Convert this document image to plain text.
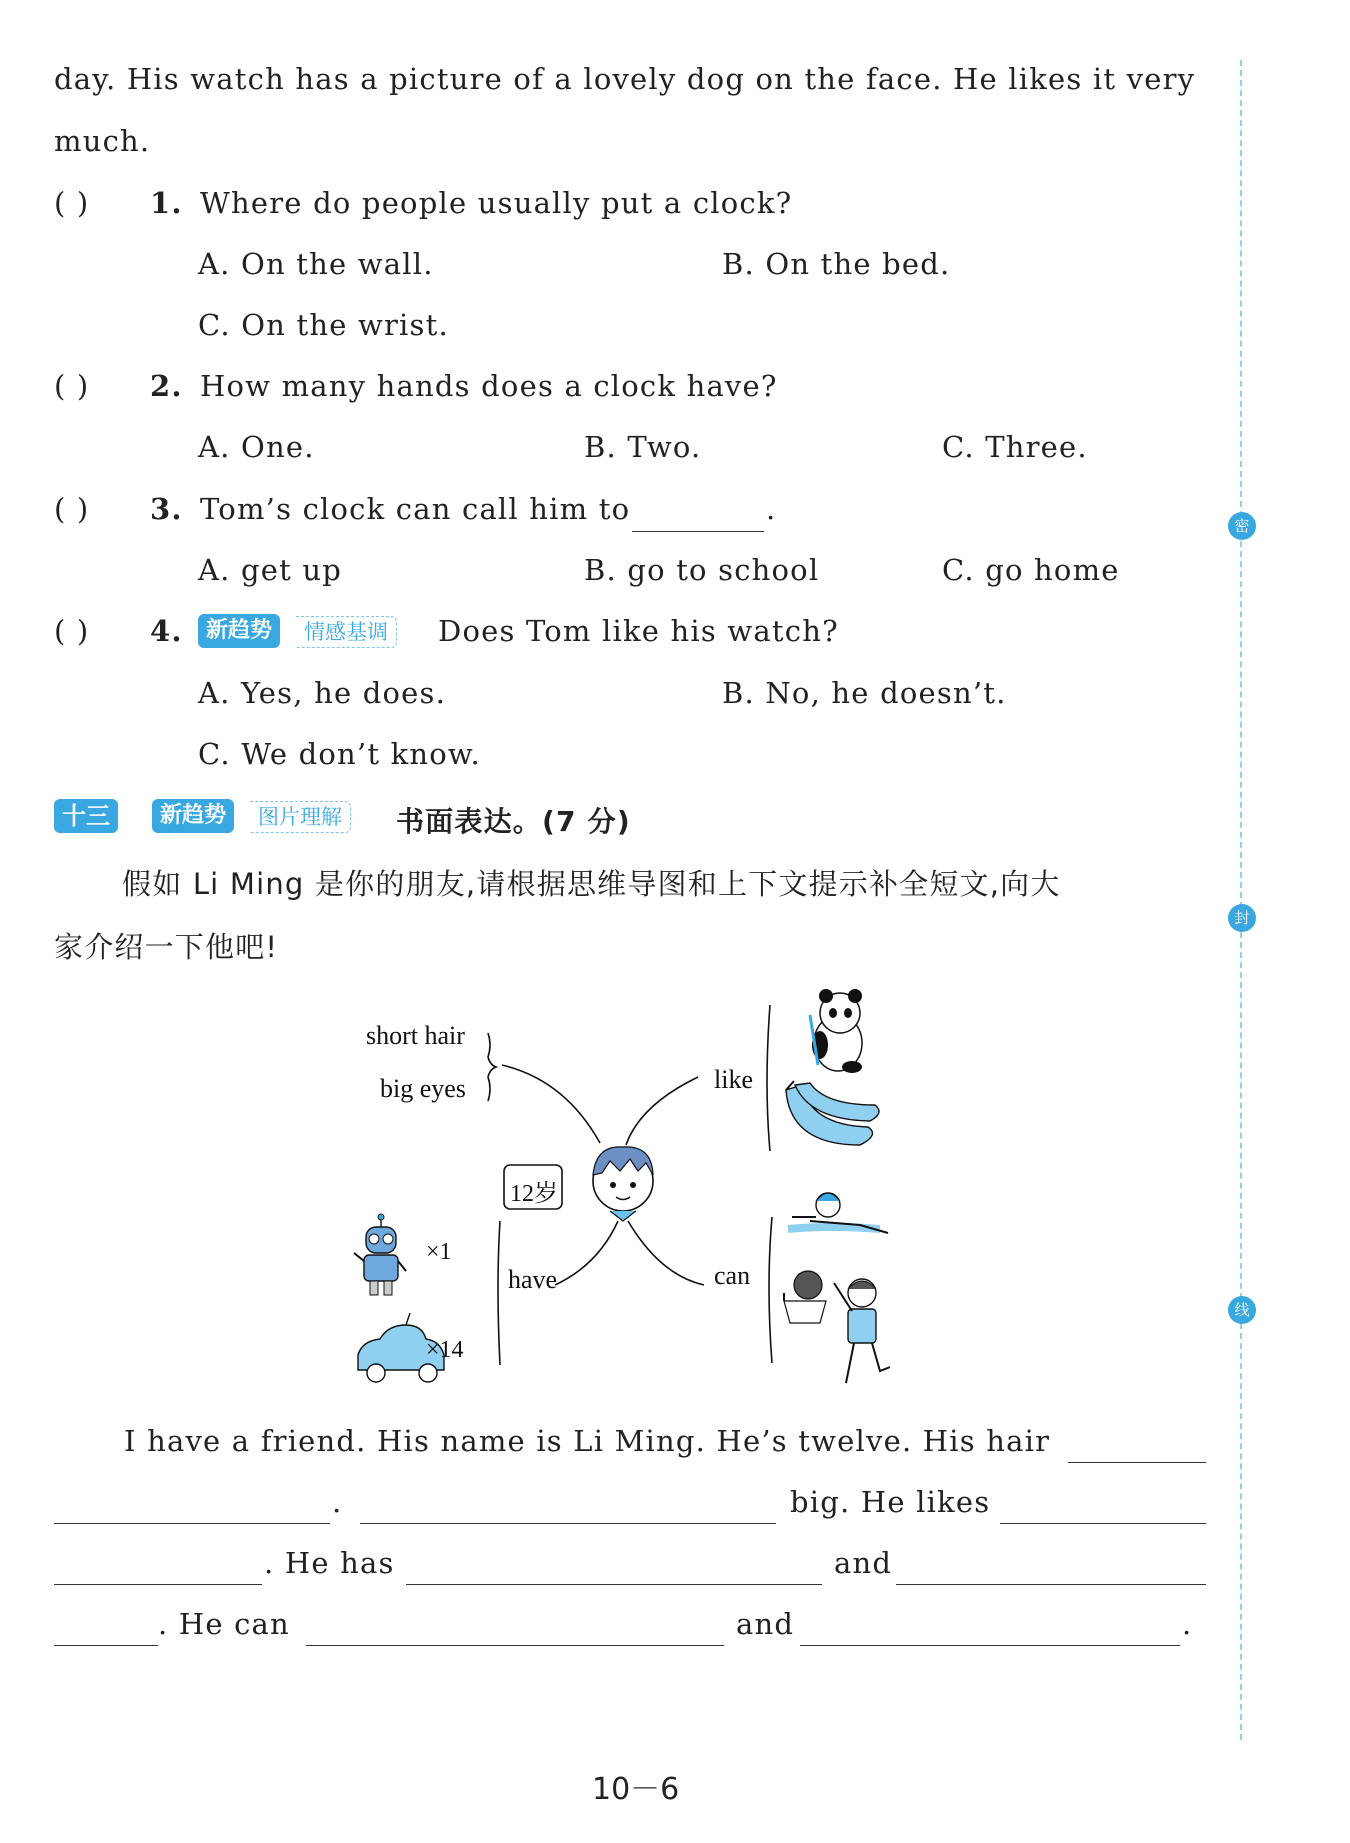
day. His watch has a picture of a lovely dog on the face. He likes it very
much.
( ) 1. Where do people usually put a clock?
A. On the wall.	B. On the bed.
C. On the wrist.
( ) 2. How many hands does a clock have?
A. One.	B. Two.	C. Three.
( ) 3. Tom’s clock can call him to	.
A. get up	B. go to school	C. go home
( ) 4.	新趋势	情感基调	Does Tom like his watch?
A. Yes, he does.	B. No, he doesn’t.
C. We don’t know.
十三	新趋势	图片理解	书面表达。(7 分)
假如 Li Ming 是你的朋友,请根据思维导图和上下文提示补全短文,向大
家介绍一下他吧!
short hair
big eyes	like
12岁
have	can
×1
×14
I have a friend. His name is Li Ming. He’s twelve. His hair
.	big. He likes
. He has	and
. He can	and	.
密
封
线
10－6
